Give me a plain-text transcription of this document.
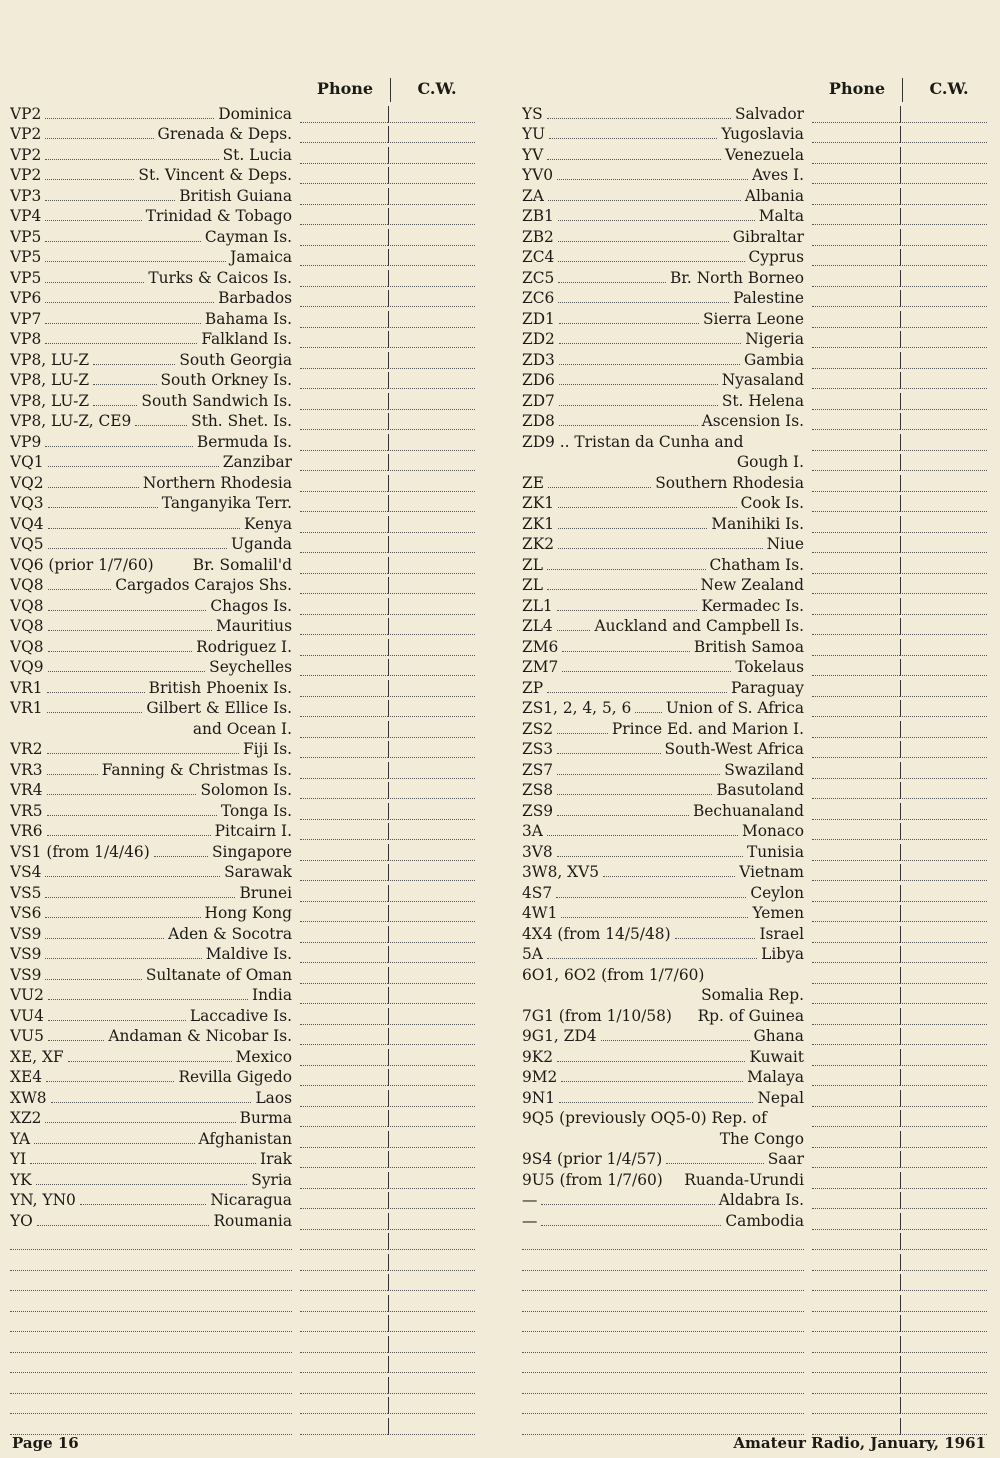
Phone	C.W.
VP2	Dominica
VP2	Grenada & Deps.
VP2	St. Lucia
VP2	St. Vincent & Deps.
VP3	British Guiana
VP4	Trinidad & Tobago
VP5	Cayman Is.
VP5	Jamaica
VP5	Turks & Caicos Is.
VP6	Barbados
VP7	Bahama Is.
VP8	Falkland Is.
VP8, LU-Z	South Georgia
VP8, LU-Z	South Orkney Is.
VP8, LU-Z	South Sandwich Is.
VP8, LU-Z, CE9	Sth. Shet. Is.
VP9	Bermuda Is.
VQ1	Zanzibar
VQ2	Northern Rhodesia
VQ3	Tanganyika Terr.
VQ4	Kenya
VQ5	Uganda
VQ6 (prior 1/7/60)	Br. Somalil'd
VQ8	Cargados Carajos Shs.
VQ8	Chagos Is.
VQ8	Mauritius
VQ8	Rodriguez I.
VQ9	Seychelles
VR1	British Phoenix Is.
VR1	Gilbert & Ellice Is.
and Ocean I.
VR2	Fiji Is.
VR3	Fanning & Christmas Is.
VR4	Solomon Is.
VR5	Tonga Is.
VR6	Pitcairn I.
VS1 (from 1/4/46)	Singapore
VS4	Sarawak
VS5	Brunei
VS6	Hong Kong
VS9	Aden & Socotra
VS9	Maldive Is.
VS9	Sultanate of Oman
VU2	India
VU4	Laccadive Is.
VU5	Andaman & Nicobar Is.
XE, XF	Mexico
XE4	Revilla Gigedo
XW8	Laos
XZ2	Burma
YA	Afghanistan
YI	Irak
YK	Syria
YN, YN0	Nicaragua
YO	Roumania
Phone	C.W.
YS	Salvador
YU	Yugoslavia
YV	Venezuela
YV0	Aves I.
ZA	Albania
ZB1	Malta
ZB2	Gibraltar
ZC4	Cyprus
ZC5	Br. North Borneo
ZC6	Palestine
ZD1	Sierra Leone
ZD2	Nigeria
ZD3	Gambia
ZD6	Nyasaland
ZD7	St. Helena
ZD8	Ascension Is.
ZD9 .. Tristan da Cunha and
Gough I.
ZE	Southern Rhodesia
ZK1	Cook Is.
ZK1	Manihiki Is.
ZK2	Niue
ZL	Chatham Is.
ZL	New Zealand
ZL1	Kermadec Is.
ZL4	Auckland and Campbell Is.
ZM6	British Samoa
ZM7	Tokelaus
ZP	Paraguay
ZS1, 2, 4, 5, 6 Union of S. Africa
ZS2	Prince Ed. and Marion I.
ZS3	South-West Africa
ZS7	Swaziland
ZS8	Basutoland
ZS9	Bechuanaland
3A	Monaco
3V8	Tunisia
3W8, XV5	Vietnam
4S7	Ceylon
4W1	Yemen
4X4 (from 14/5/48)	Israel
5A	Libya
6O1, 6O2 (from 1/7/60)
Somalia Rep.
7G1 (from 1/10/58) Rp. of Guinea
9G1, ZD4	Ghana
9K2	Kuwait
9M2	Malaya
9N1	Nepal
9Q5 (previously OQ5-0) Rep. of
The Congo
9S4 (prior 1/4/57)	Saar
9U5 (from 1/7/60) Ruanda-Urundi
—	Aldabra Is.
—	Cambodia
Page 16	Amateur Radio, January, 1961
